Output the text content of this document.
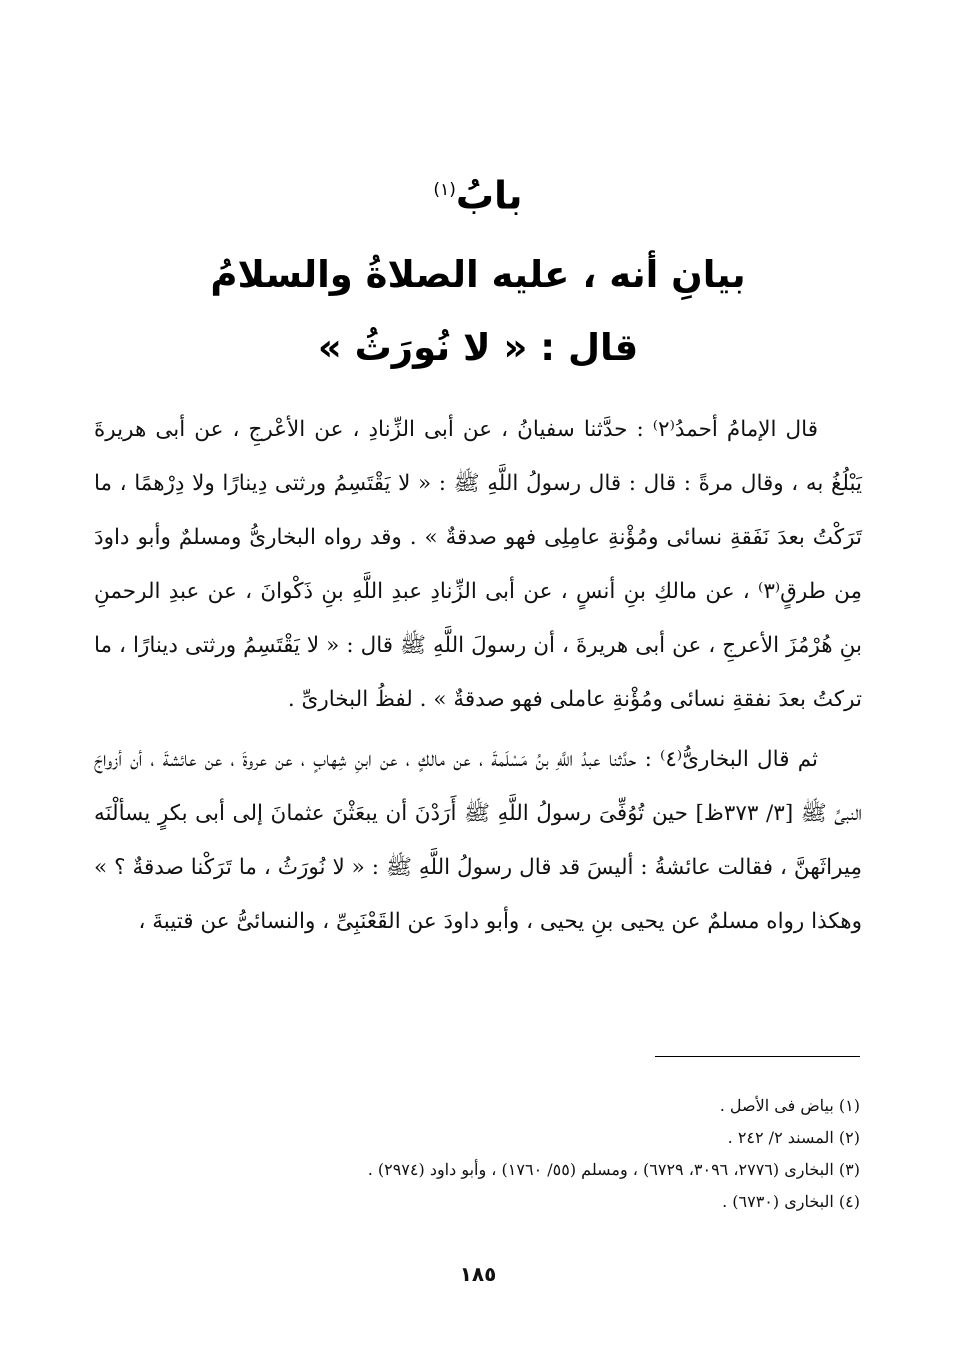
بابُ$^{(١)}$
بيانِ أنه ، عليه الصلاةُ والسلامُ
قال : « لا نُورَثُ »

قال الإمامُ أحمدُ⁽٢⁾ : حدَّثنا سفيانُ ، عن أبى الزِّنادِ ، عن الأعْرجِ ، عن أبى هريرةَ يَبْلُغُ به ، وقال مرةً : قال : قال رسولُ اللَّهِ ﷺ : « لا يَقْتَسِمُ ورثتى دِينارًا ولا دِرْهمًا ، ما تَرَكْتُ بعدَ نَفَقةِ نسائى ومُؤْنةِ عامِلِى فهو صدقةٌ » . وقد رواه البخارىُّ ومسلمٌ وأبو داودَ مِن طرقٍ⁽٣⁾ ، عن مالكِ بنِ أنسٍ ، عن أبى الزِّنادِ عبدِ اللَّهِ بنِ ذَكْوانَ ، عن عبدِ الرحمنِ بنِ هُرْمُزَ الأعرجِ ، عن أبى هريرةَ ، أن رسولَ اللَّهِ ﷺ قال : « لا يَقْتَسِمُ ورثتى دينارًا ، ما تركتُ بعدَ نفقةِ نسائى ومُؤْنةِ عاملى فهو صدقةٌ » . لفظُ البخارىِّ .

ثم قال البخارىُّ⁽٤⁾ : حدَّثنا عبدُ اللَّهِ بنُ مَسْلَمةَ ، عن مالكٍ ، عن ابنِ شِهابٍ ، عن عروةَ ، عن عائشةَ ، أن أزواجَ النبىِّ ﷺ [٣/ ٣٧٣ظ] حين تُوُفِّىَ رسولُ اللَّهِ ﷺ أَرَدْنَ أن يبعَثْنَ عثمانَ إلى أبى بكرٍ يسألْنَه مِيراثَهنَّ ، فقالت عائشةُ : أليسَ قد قال رسولُ اللَّهِ ﷺ : « لا نُورَثُ ، ما تَرَكْنا صدقةٌ ؟ » وهكذا رواه مسلمٌ عن يحيى بنِ يحيى ، وأبو داودَ عن القَعْنَبِىِّ ، والنسائىُّ عن قتيبةَ ،

(١) بياض فى الأصل .
(٢) المسند ٢/ ٢٤٢ .
(٣) البخارى (٢٧٧٦، ٣٠٩٦، ٦٧٢٩) ، ومسلم (٥٥/ ١٧٦٠) ، وأبو داود (٢٩٧٤) .
(٤) البخارى (٦٧٣٠) .
١٨٥
